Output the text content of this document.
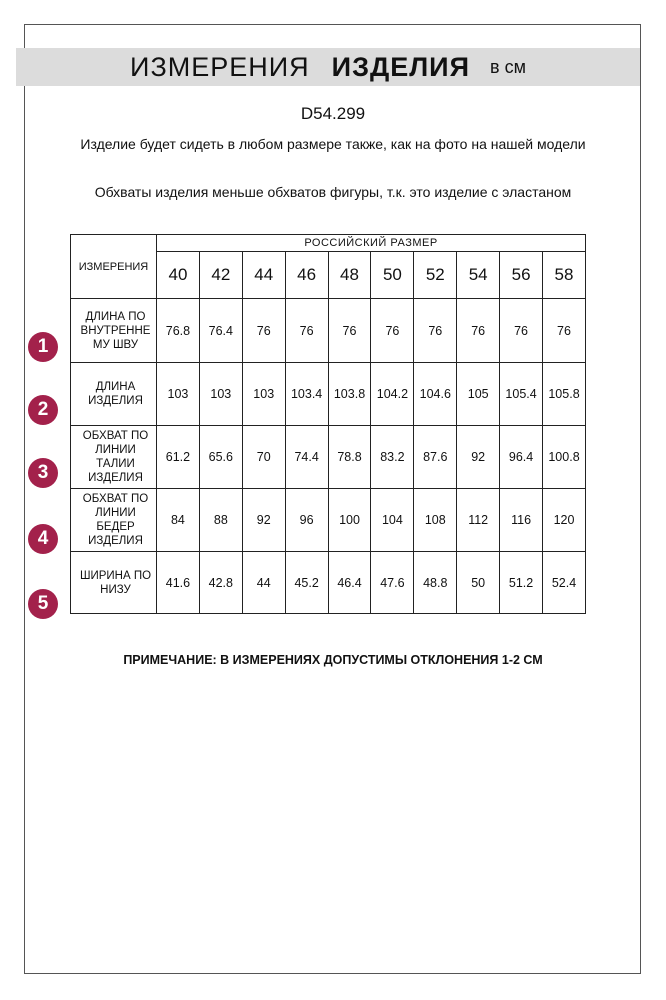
ИЗМЕРЕНИЯ ИЗДЕЛИЯ в см
D54.299
Изделие будет сидеть в любом размере также, как на фото на нашей модели
Обхваты изделия меньше обхватов фигуры, т.к. это изделие с эластаном
ИЗМЕРЕНИЯ	РОССИЙСКИЙ РАЗМЕР									
	40	42	44	46	48	50	52	54	56	58
ДЛИНА ПО ВНУТРЕННЕ МУ ШВУ	76.8	76.4	76	76	76	76	76	76	76	76
ДЛИНА ИЗДЕЛИЯ	103	103	103	103.4	103.8	104.2	104.6	105	105.4	105.8
ОБХВАТ ПО ЛИНИИ ТАЛИИ ИЗДЕЛИЯ	61.2	65.6	70	74.4	78.8	83.2	87.6	92	96.4	100.8
ОБХВАТ ПО ЛИНИИ БЕДЕР ИЗДЕЛИЯ	84	88	92	96	100	104	108	112	116	120
ШИРИНА ПО НИЗУ	41.6	42.8	44	45.2	46.4	47.6	48.8	50	51.2	52.4
1
2
3
4
5
ПРИМЕЧАНИЕ: В ИЗМЕРЕНИЯХ ДОПУСТИМЫ ОТКЛОНЕНИЯ 1-2 СМ
